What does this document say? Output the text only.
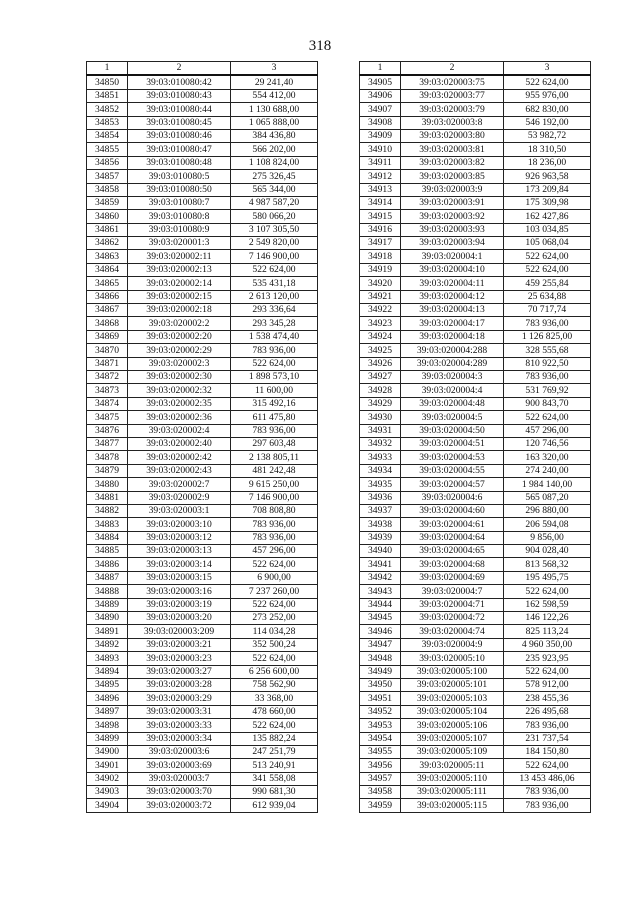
318
1	2	3
34850	39:03:010080:42	29 241,40
34851	39:03:010080:43	554 412,00
34852	39:03:010080:44	1 130 688,00
34853	39:03:010080:45	1 065 888,00
34854	39:03:010080:46	384 436,80
34855	39:03:010080:47	566 202,00
34856	39:03:010080:48	1 108 824,00
34857	39:03:010080:5	275 326,45
34858	39:03:010080:50	565 344,00
34859	39:03:010080:7	4 987 587,20
34860	39:03:010080:8	580 066,20
34861	39:03:010080:9	3 107 305,50
34862	39:03:020001:3	2 549 820,00
34863	39:03:020002:11	7 146 900,00
34864	39:03:020002:13	522 624,00
34865	39:03:020002:14	535 431,18
34866	39:03:020002:15	2 613 120,00
34867	39:03:020002:18	293 336,64
34868	39:03:020002:2	293 345,28
34869	39:03:020002:20	1 538 474,40
34870	39:03:020002:29	783 936,00
34871	39:03:020002:3	522 624,00
34872	39:03:020002:30	1 898 573,10
34873	39:03:020002:32	11 600,00
34874	39:03:020002:35	315 492,16
34875	39:03:020002:36	611 475,80
34876	39:03:020002:4	783 936,00
34877	39:03:020002:40	297 603,48
34878	39:03:020002:42	2 138 805,11
34879	39:03:020002:43	481 242,48
34880	39:03:020002:7	9 615 250,00
34881	39:03:020002:9	7 146 900,00
34882	39:03:020003:1	708 808,80
34883	39:03:020003:10	783 936,00
34884	39:03:020003:12	783 936,00
34885	39:03:020003:13	457 296,00
34886	39:03:020003:14	522 624,00
34887	39:03:020003:15	6 900,00
34888	39:03:020003:16	7 237 260,00
34889	39:03:020003:19	522 624,00
34890	39:03:020003:20	273 252,00
34891	39:03:020003:209	114 034,28
34892	39:03:020003:21	352 500,24
34893	39:03:020003:23	522 624,00
34894	39:03:020003:27	6 256 600,00
34895	39:03:020003:28	758 562,90
34896	39:03:020003:29	33 368,00
34897	39:03:020003:31	478 660,00
34898	39:03:020003:33	522 624,00
34899	39:03:020003:34	135 882,24
34900	39:03:020003:6	247 251,79
34901	39:03:020003:69	513 240,91
34902	39:03:020003:7	341 558,08
34903	39:03:020003:70	990 681,30
34904	39:03:020003:72	612 939,04
1	2	3
34905	39:03:020003:75	522 624,00
34906	39:03:020003:77	955 976,00
34907	39:03:020003:79	682 830,00
34908	39:03:020003:8	546 192,00
34909	39:03:020003:80	53 982,72
34910	39:03:020003:81	18 310,50
34911	39:03:020003:82	18 236,00
34912	39:03:020003:85	926 963,58
34913	39:03:020003:9	173 209,84
34914	39:03:020003:91	175 309,98
34915	39:03:020003:92	162 427,86
34916	39:03:020003:93	103 034,85
34917	39:03:020003:94	105 068,04
34918	39:03:020004:1	522 624,00
34919	39:03:020004:10	522 624,00
34920	39:03:020004:11	459 255,84
34921	39:03:020004:12	25 634,88
34922	39:03:020004:13	70 717,74
34923	39:03:020004:17	783 936,00
34924	39:03:020004:18	1 126 825,00
34925	39:03:020004:288	328 555,68
34926	39:03:020004:289	810 922,50
34927	39:03:020004:3	783 936,00
34928	39:03:020004:4	531 769,92
34929	39:03:020004:48	900 843,70
34930	39:03:020004:5	522 624,00
34931	39:03:020004:50	457 296,00
34932	39:03:020004:51	120 746,56
34933	39:03:020004:53	163 320,00
34934	39:03:020004:55	274 240,00
34935	39:03:020004:57	1 984 140,00
34936	39:03:020004:6	565 087,20
34937	39:03:020004:60	296 880,00
34938	39:03:020004:61	206 594,08
34939	39:03:020004:64	9 856,00
34940	39:03:020004:65	904 028,40
34941	39:03:020004:68	813 568,32
34942	39:03:020004:69	195 495,75
34943	39:03:020004:7	522 624,00
34944	39:03:020004:71	162 598,59
34945	39:03:020004:72	146 122,26
34946	39:03:020004:74	825 113,24
34947	39:03:020004:9	4 960 350,00
34948	39:03:020005:10	235 923,95
34949	39:03:020005:100	522 624,00
34950	39:03:020005:101	578 912,00
34951	39:03:020005:103	238 455,36
34952	39:03:020005:104	226 495,68
34953	39:03:020005:106	783 936,00
34954	39:03:020005:107	231 737,54
34955	39:03:020005:109	184 150,80
34956	39:03:020005:11	522 624,00
34957	39:03:020005:110	13 453 486,06
34958	39:03:020005:111	783 936,00
34959	39:03:020005:115	783 936,00
